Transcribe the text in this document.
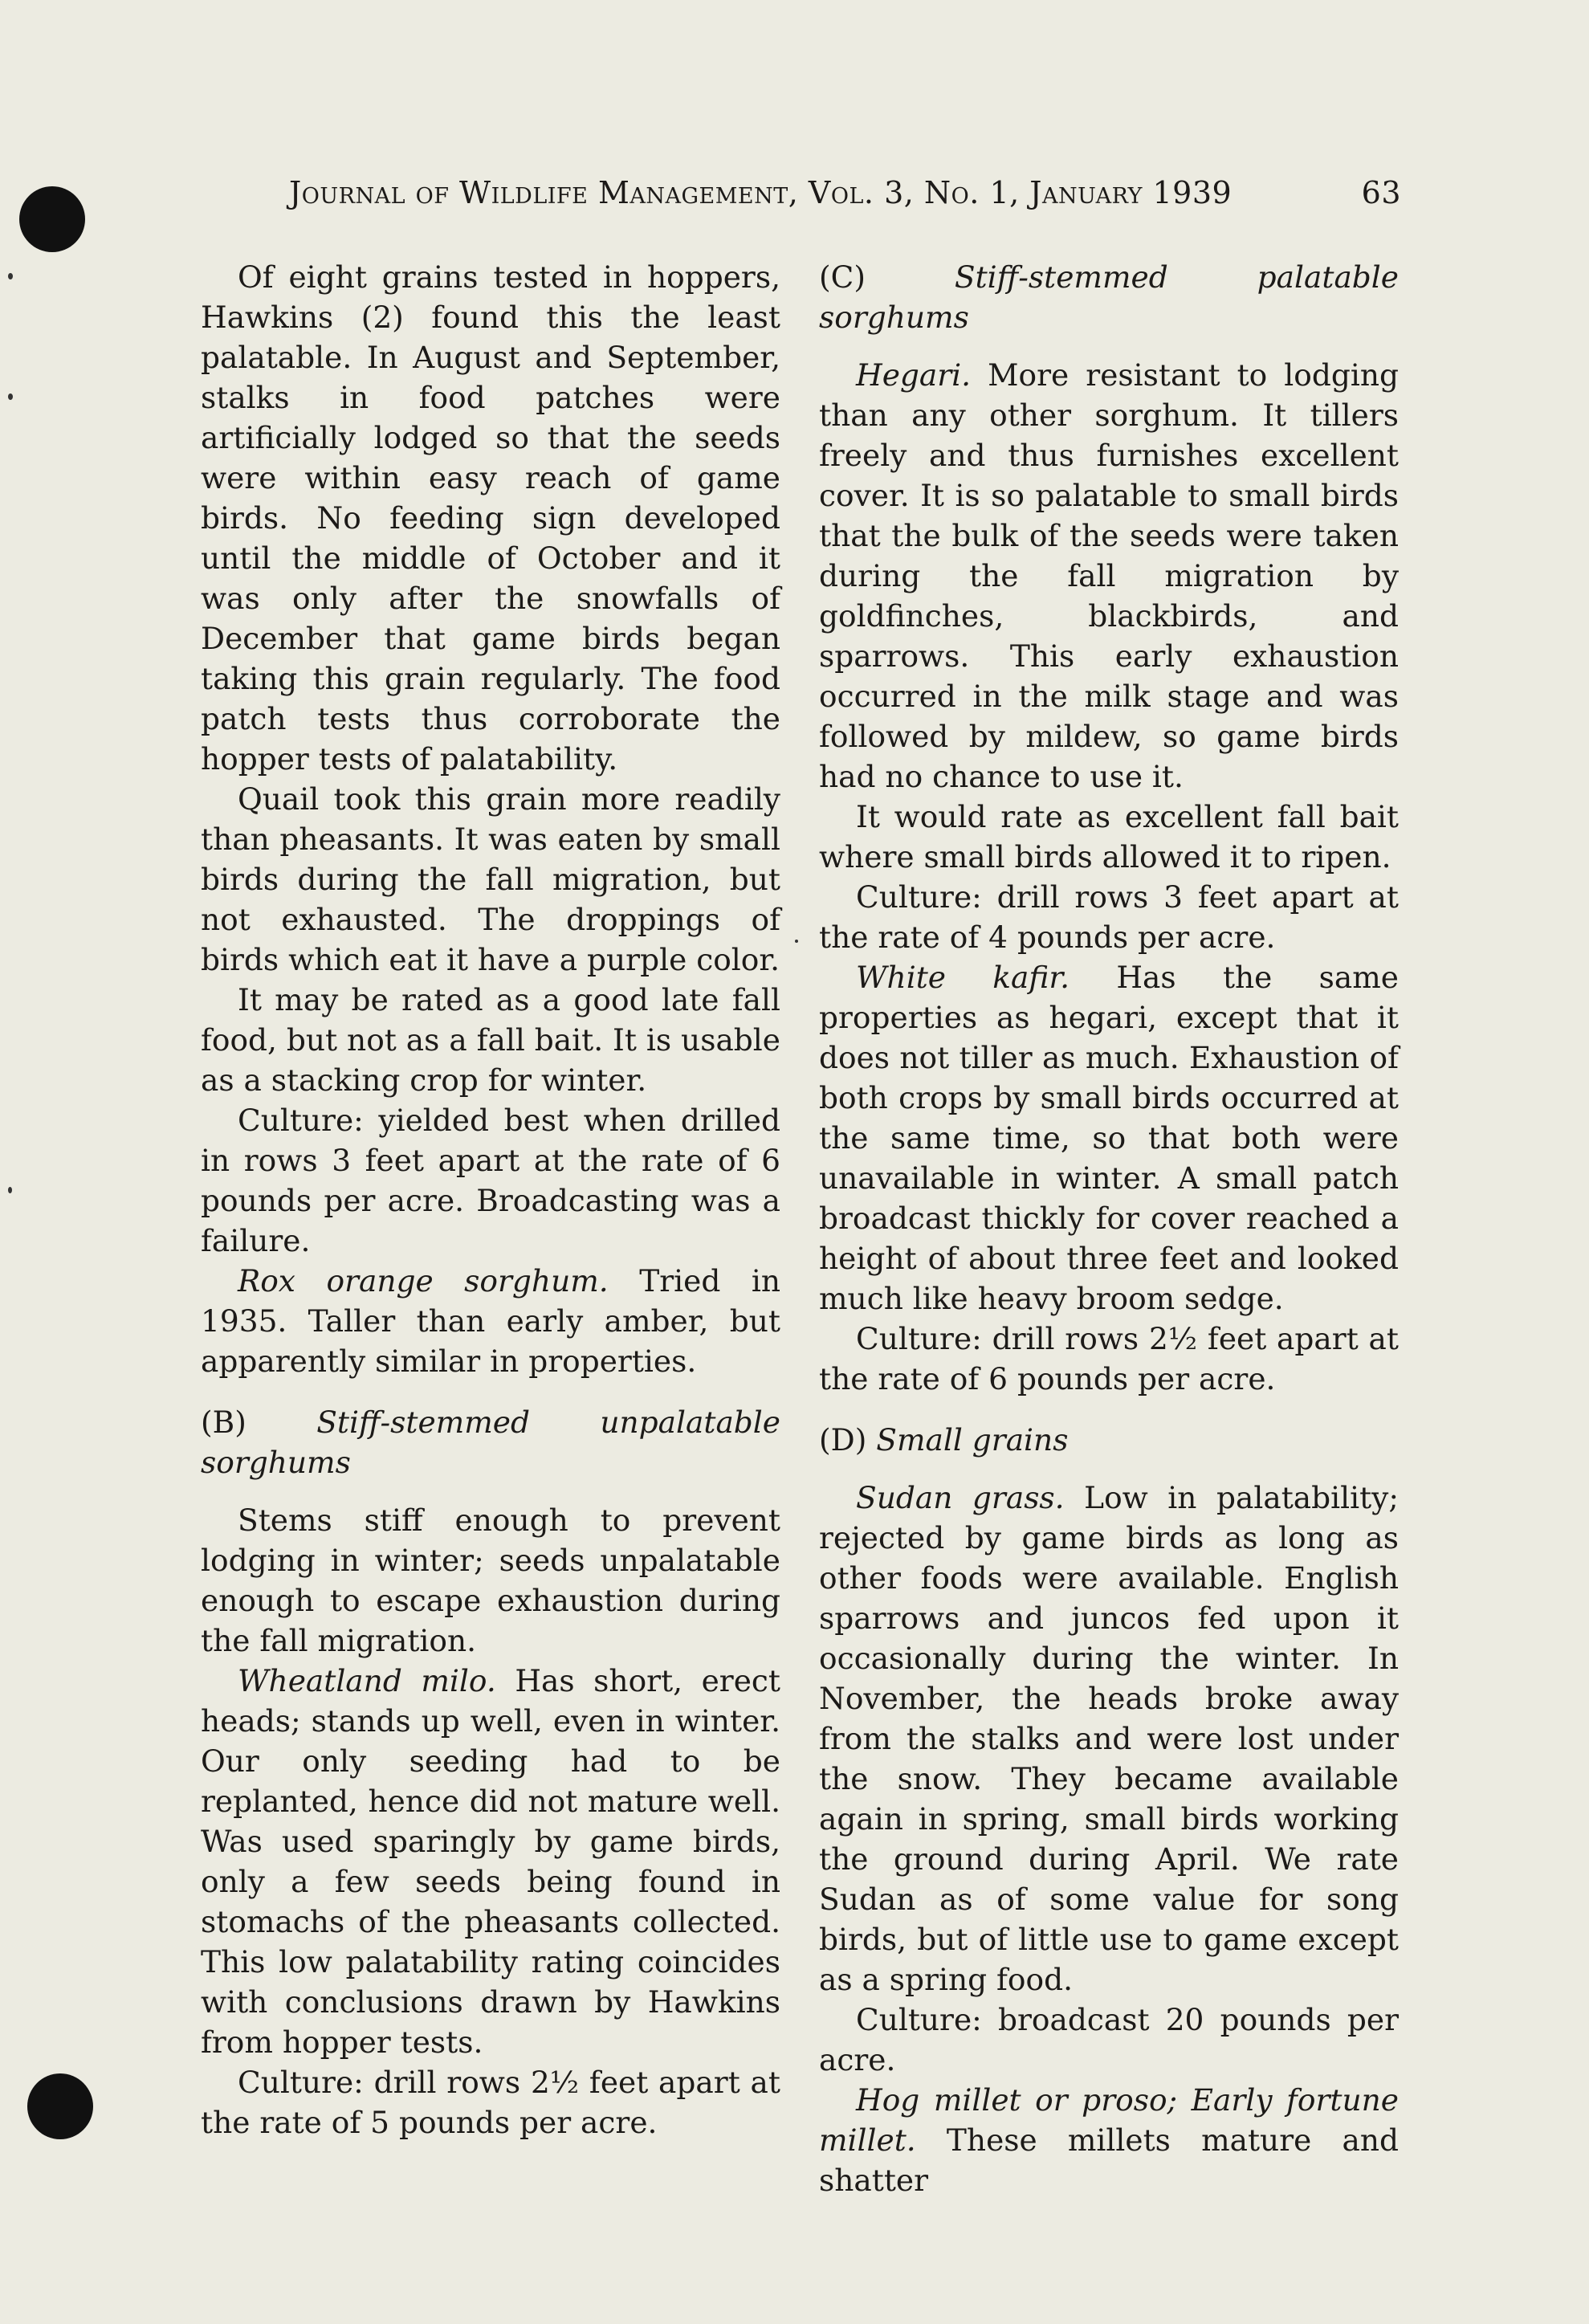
Journal of Wildlife Management, Vol. 3, No. 1, January 1939	63

Of eight grains tested in hoppers, Hawkins (2) found this the least palatable. In August and September, stalks in food patches were artificially lodged so that the seeds were within easy reach of game birds. No feeding sign developed until the middle of October and it was only after the snowfalls of December that game birds began taking this grain regularly. The food patch tests thus corroborate the hopper tests of palatability.

Quail took this grain more readily than pheasants. It was eaten by small birds during the fall migration, but not exhausted. The droppings of birds which eat it have a purple color.

It may be rated as a good late fall food, but not as a fall bait. It is usable as a stacking crop for winter.

Culture: yielded best when drilled in rows 3 feet apart at the rate of 6 pounds per acre. Broadcasting was a failure.

Rox orange sorghum. Tried in 1935. Taller than early amber, but apparently similar in properties.

(B) Stiff-stemmed unpalatable sorghums

Stems stiff enough to prevent lodging in winter; seeds unpalatable enough to escape exhaustion during the fall migration.

Wheatland milo. Has short, erect heads; stands up well, even in winter. Our only seeding had to be replanted, hence did not mature well. Was used sparingly by game birds, only a few seeds being found in stomachs of the pheasants collected. This low palatability rating coincides with conclusions drawn by Hawkins from hopper tests.

Culture: drill rows 2½ feet apart at the rate of 5 pounds per acre.

(C)	Stiff-stemmed palatable sorghums

Hegari. More resistant to lodging than any other sorghum. It tillers freely and thus furnishes excellent cover. It is so palatable to small birds that the bulk of the seeds were taken during the fall migration by goldfinches, blackbirds, and sparrows. This early exhaustion occurred in the milk stage and was followed by mildew, so game birds had no chance to use it.

It would rate as excellent fall bait where small birds allowed it to ripen.

Culture: drill rows 3 feet apart at the rate of 4 pounds per acre.

White kafir. Has the same properties as hegari, except that it does not tiller as much. Exhaustion of both crops by small birds occurred at the same time, so that both were unavailable in winter. A small patch broadcast thickly for cover reached a height of about three feet and looked much like heavy broom sedge.

Culture: drill rows 2½ feet apart at the rate of 6 pounds per acre.

(D) Small grains

Sudan grass. Low in palatability; rejected by game birds as long as other foods were available. English sparrows and juncos fed upon it occasionally during the winter. In November, the heads broke away from the stalks and were lost under the snow. They became available again in spring, small birds working the ground during April. We rate Sudan as of some value for song birds, but of little use to game except as a spring food.

Culture: broadcast 20 pounds per acre.

Hog millet or proso; Early fortune millet. These millets mature and shatter
